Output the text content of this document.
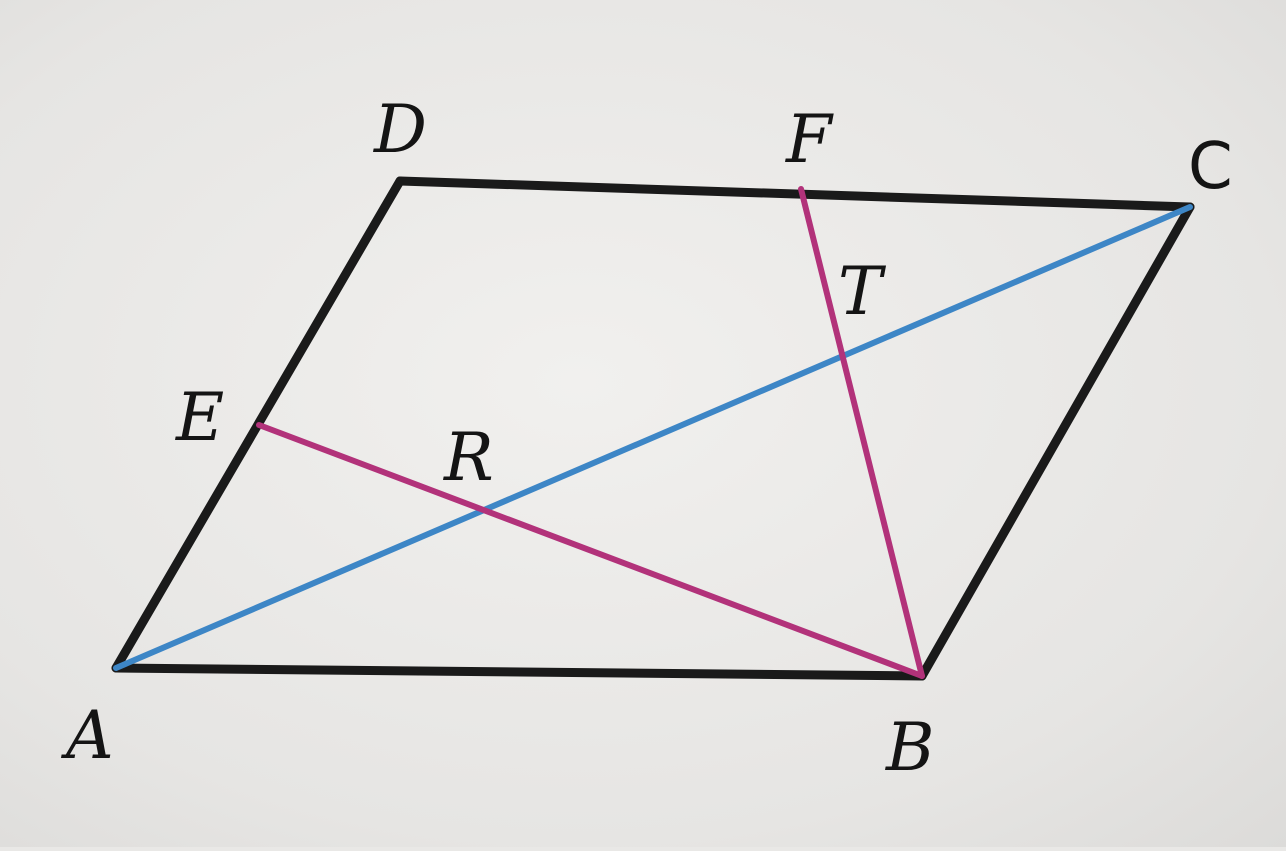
A	B
C
D
E
F
R
T
